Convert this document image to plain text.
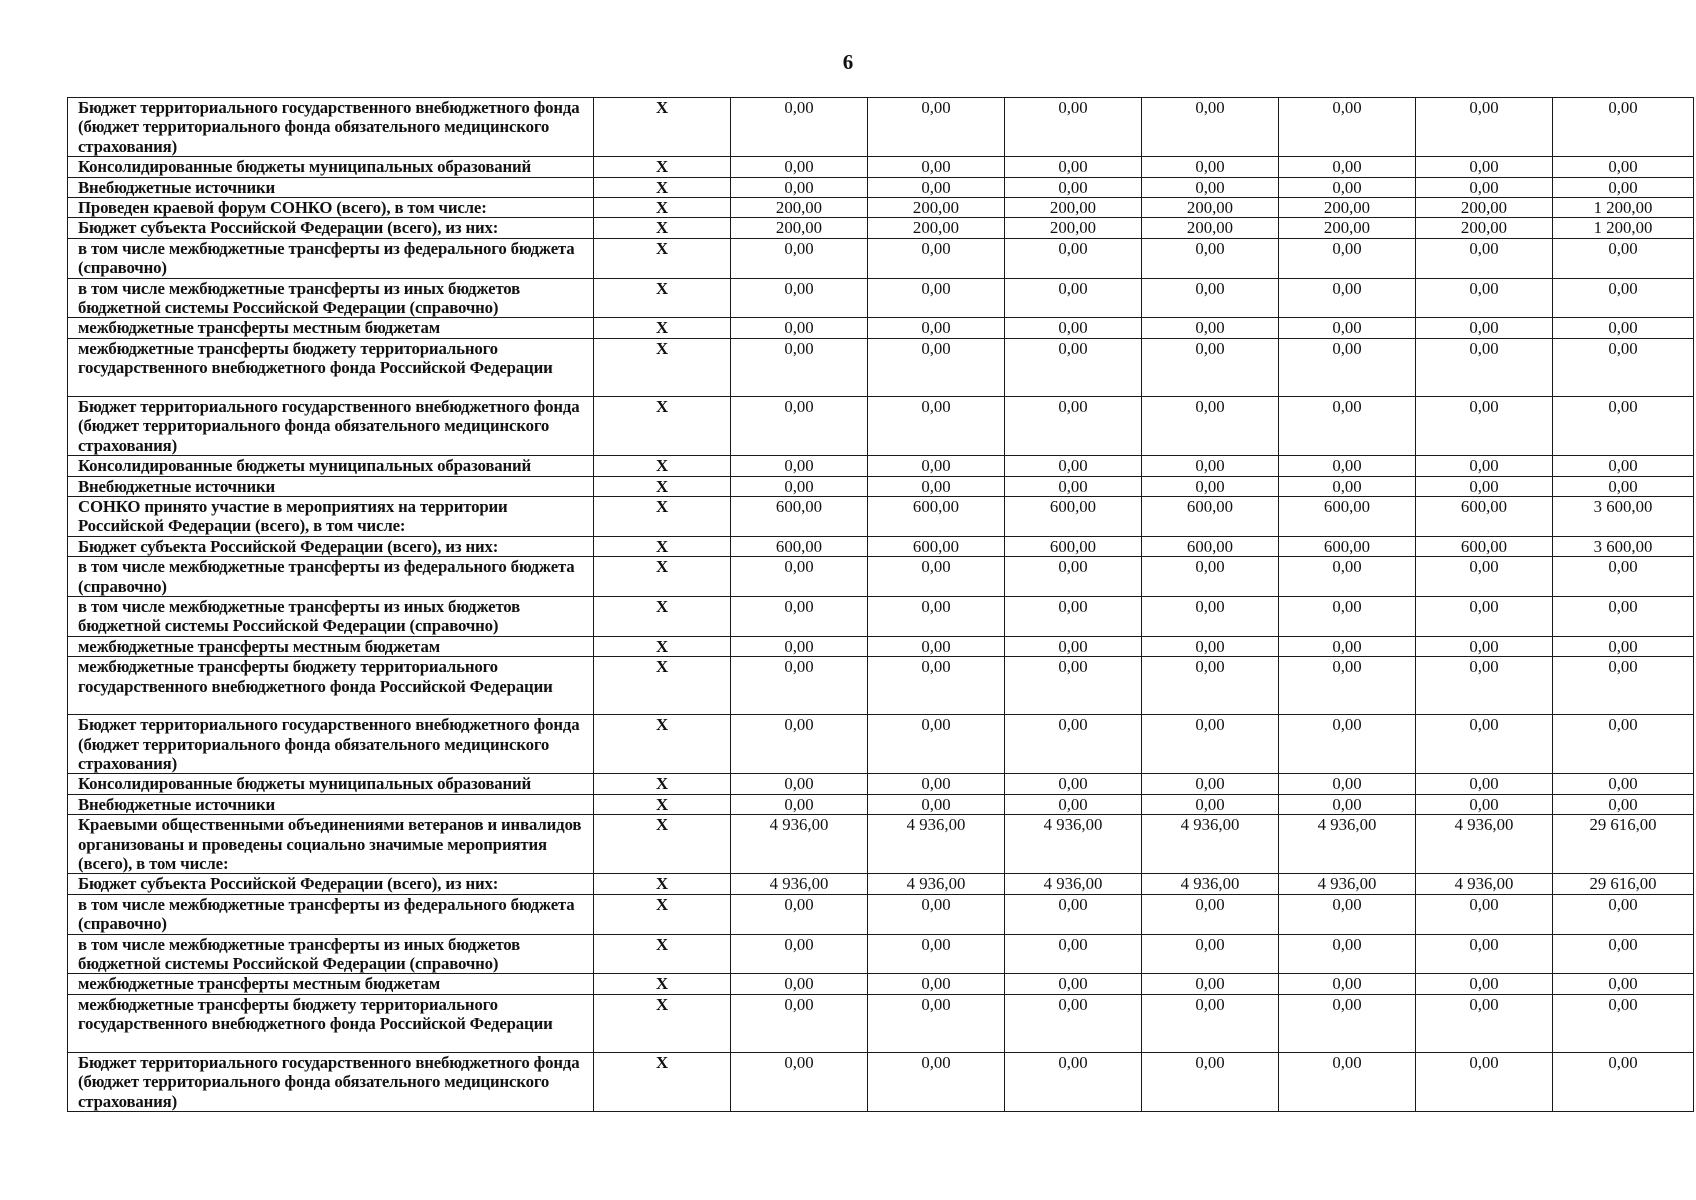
6
Бюджет территориального государственного внебюджетного фонда (бюджет территориального фонда обязательного медицинского страхования)	X	0,00	0,00	0,00	0,00	0,00	0,00	0,00
Консолидированные бюджеты муниципальных образований	X	0,00	0,00	0,00	0,00	0,00	0,00	0,00
Внебюджетные источники	X	0,00	0,00	0,00	0,00	0,00	0,00	0,00
Проведен краевой форум СОНКО (всего), в том числе:	X	200,00	200,00	200,00	200,00	200,00	200,00	1 200,00
Бюджет субъекта Российской Федерации (всего), из них:	X	200,00	200,00	200,00	200,00	200,00	200,00	1 200,00
в том числе межбюджетные трансферты из федерального бюджета (справочно)	X	0,00	0,00	0,00	0,00	0,00	0,00	0,00
в том числе межбюджетные трансферты из иных бюджетов бюджетной системы Российской Федерации (справочно)	X	0,00	0,00	0,00	0,00	0,00	0,00	0,00
межбюджетные трансферты местным бюджетам	X	0,00	0,00	0,00	0,00	0,00	0,00	0,00
межбюджетные трансферты бюджету территориального государственного внебюджетного фонда Российской Федерации	X	0,00	0,00	0,00	0,00	0,00	0,00	0,00
Бюджет территориального государственного внебюджетного фонда (бюджет территориального фонда обязательного медицинского страхования)	X	0,00	0,00	0,00	0,00	0,00	0,00	0,00
Консолидированные бюджеты муниципальных образований	X	0,00	0,00	0,00	0,00	0,00	0,00	0,00
Внебюджетные источники	X	0,00	0,00	0,00	0,00	0,00	0,00	0,00
СОНКО принято участие в мероприятиях на территории Российской Федерации (всего), в том числе:	X	600,00	600,00	600,00	600,00	600,00	600,00	3 600,00
Бюджет субъекта Российской Федерации (всего), из них:	X	600,00	600,00	600,00	600,00	600,00	600,00	3 600,00
в том числе межбюджетные трансферты из федерального бюджета (справочно)	X	0,00	0,00	0,00	0,00	0,00	0,00	0,00
в том числе межбюджетные трансферты из иных бюджетов бюджетной системы Российской Федерации (справочно)	X	0,00	0,00	0,00	0,00	0,00	0,00	0,00
межбюджетные трансферты местным бюджетам	X	0,00	0,00	0,00	0,00	0,00	0,00	0,00
межбюджетные трансферты бюджету территориального государственного внебюджетного фонда Российской Федерации	X	0,00	0,00	0,00	0,00	0,00	0,00	0,00
Бюджет территориального государственного внебюджетного фонда (бюджет территориального фонда обязательного медицинского страхования)	X	0,00	0,00	0,00	0,00	0,00	0,00	0,00
Консолидированные бюджеты муниципальных образований	X	0,00	0,00	0,00	0,00	0,00	0,00	0,00
Внебюджетные источники	X	0,00	0,00	0,00	0,00	0,00	0,00	0,00
Краевыми общественными объединениями ветеранов и инвалидов организованы и проведены социально значимые мероприятия (всего), в том числе:	X	4 936,00	4 936,00	4 936,00	4 936,00	4 936,00	4 936,00	29 616,00
Бюджет субъекта Российской Федерации (всего), из них:	X	4 936,00	4 936,00	4 936,00	4 936,00	4 936,00	4 936,00	29 616,00
в том числе межбюджетные трансферты из федерального бюджета (справочно)	X	0,00	0,00	0,00	0,00	0,00	0,00	0,00
в том числе межбюджетные трансферты из иных бюджетов бюджетной системы Российской Федерации (справочно)	X	0,00	0,00	0,00	0,00	0,00	0,00	0,00
межбюджетные трансферты местным бюджетам	X	0,00	0,00	0,00	0,00	0,00	0,00	0,00
межбюджетные трансферты бюджету территориального государственного внебюджетного фонда Российской Федерации	X	0,00	0,00	0,00	0,00	0,00	0,00	0,00
Бюджет территориального государственного внебюджетного фонда (бюджет территориального фонда обязательного медицинского страхования)	X	0,00	0,00	0,00	0,00	0,00	0,00	0,00
